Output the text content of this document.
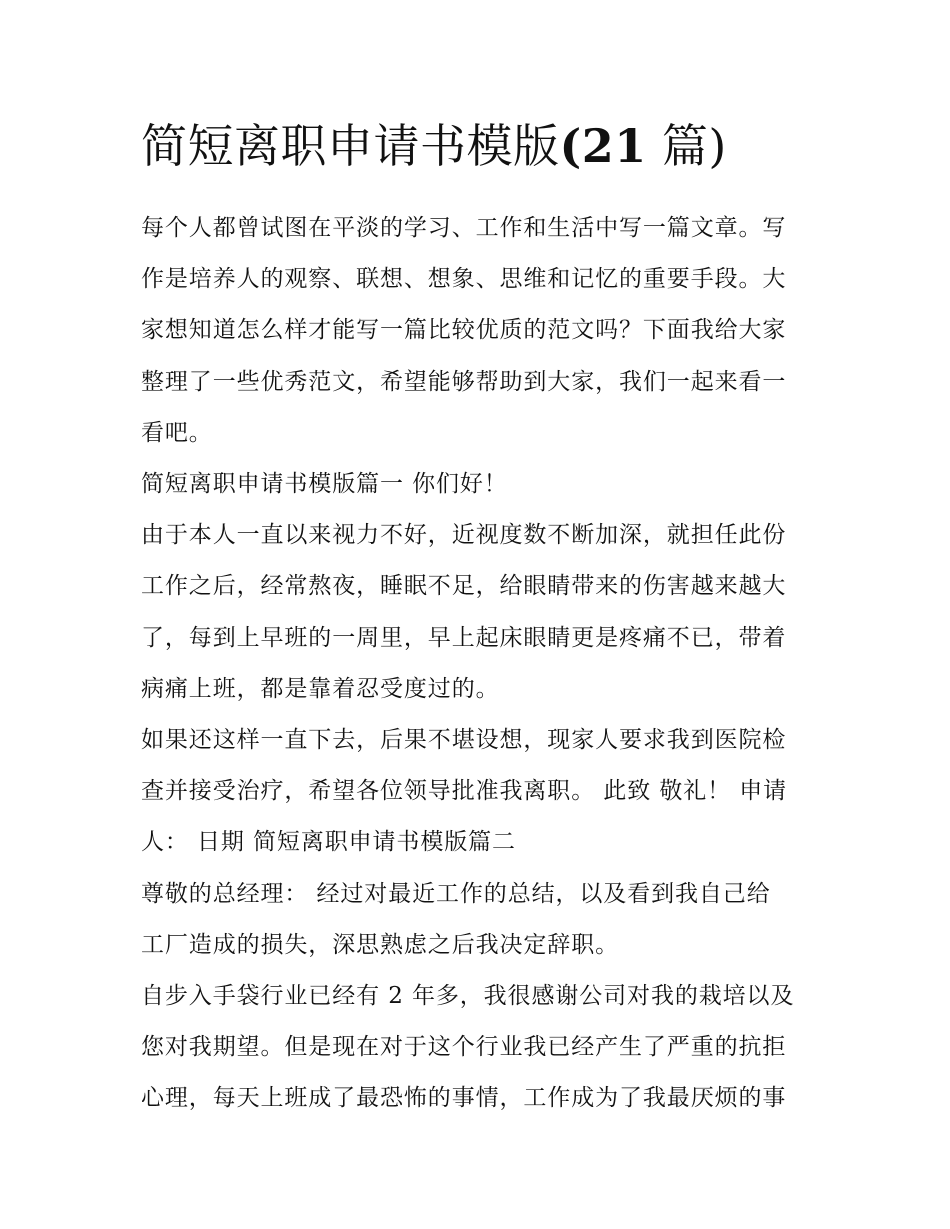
简短离职申请书模版(21 篇)

每个人都曾试图在平淡的学习、工作和生活中写一篇文章。写

作是培养人的观察、联想、想象、思维和记忆的重要手段。大

家想知道怎么样才能写一篇比较优质的范文吗？下面我给大家

整理了一些优秀范文，希望能够帮助到大家，我们一起来看一

看吧。

简短离职申请书模版篇一 你们好！

由于本人一直以来视力不好，近视度数不断加深，就担任此份

工作之后，经常熬夜，睡眠不足，给眼睛带来的伤害越来越大

了，每到上早班的一周里，早上起床眼睛更是疼痛不已，带着

病痛上班，都是靠着忍受度过的。

如果还这样一直下去，后果不堪设想，现家人要求我到医院检

查并接受治疗，希望各位领导批准我离职。 此致 敬礼！ 申请

人： 日期 简短离职申请书模版篇二

尊敬的总经理： 经过对最近工作的总结，以及看到我自己给

工厂造成的损失，深思熟虑之后我决定辞职。

自步入手袋行业已经有 2 年多，我很感谢公司对我的栽培以及

您对我期望。但是现在对于这个行业我已经产生了严重的抗拒

心理，每天上班成了最恐怖的事情，工作成为了我最厌烦的事
